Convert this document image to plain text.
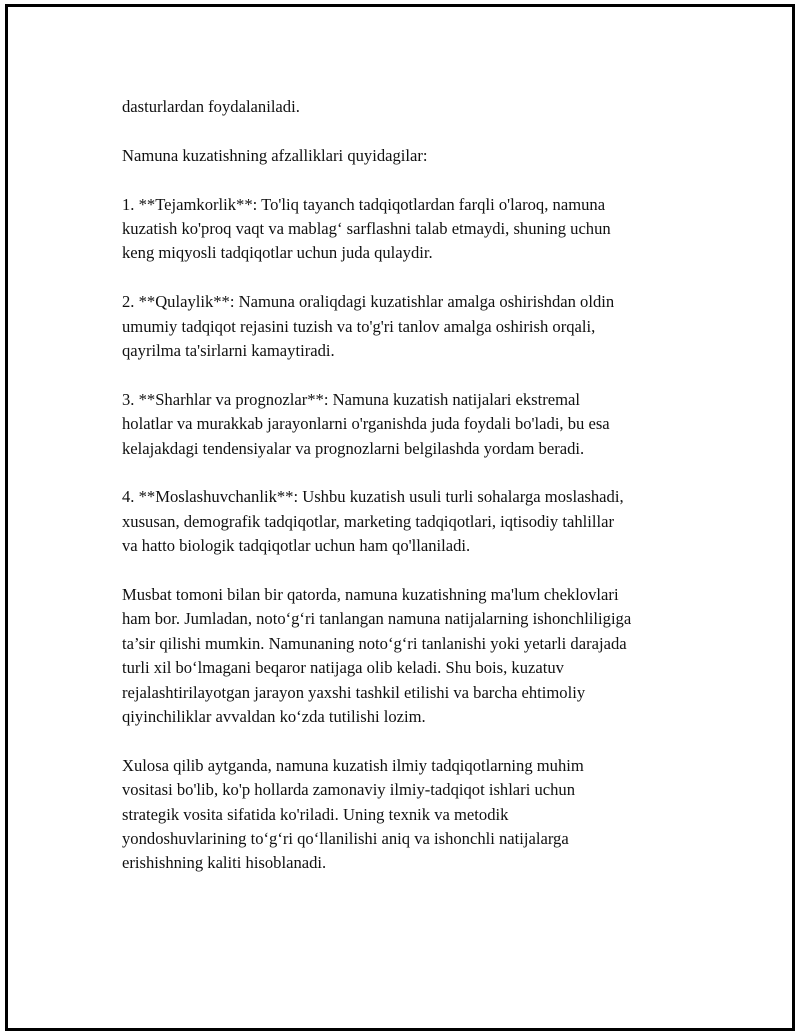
dasturlardan foydalaniladi.

Namuna kuzatishning afzalliklari quyidagilar:

1. **Tejamkorlik**: To'liq tayanch tadqiqotlardan farqli o'laroq, namuna
kuzatish ko'proq vaqt va mablag‘ sarflashni talab etmaydi, shuning uchun
keng miqyosli tadqiqotlar uchun juda qulaydir.

2. **Qulaylik**: Namuna oraliqdagi kuzatishlar amalga oshirishdan oldin
umumiy tadqiqot rejasini tuzish va to'g'ri tanlov amalga oshirish orqali,
qayrilma ta'sirlarni kamaytiradi.

3. **Sharhlar va prognozlar**: Namuna kuzatish natijalari ekstremal
holatlar va murakkab jarayonlarni o'rganishda juda foydali bo'ladi, bu esa
kelajakdagi tendensiyalar va prognozlarni belgilashda yordam beradi.

4. **Moslashuvchanlik**: Ushbu kuzatish usuli turli sohalarga moslashadi,
xususan, demografik tadqiqotlar, marketing tadqiqotlari, iqtisodiy tahlillar
va hatto biologik tadqiqotlar uchun ham qo'llaniladi.

Musbat tomoni bilan bir qatorda, namuna kuzatishning ma'lum cheklovlari
ham bor. Jumladan, noto‘g‘ri tanlangan namuna natijalarning ishonchliligiga
ta’sir qilishi mumkin. Namunaning noto‘g‘ri tanlanishi yoki yetarli darajada
turli xil bo‘lmagani beqaror natijaga olib keladi. Shu bois, kuzatuv
rejalashtirilayotgan jarayon yaxshi tashkil etilishi va barcha ehtimoliy
qiyinchiliklar avvaldan ko‘zda tutilishi lozim.

Xulosa qilib aytganda, namuna kuzatish ilmiy tadqiqotlarning muhim
vositasi bo'lib, ko'p hollarda zamonaviy ilmiy-tadqiqot ishlari uchun
strategik vosita sifatida ko'riladi. Uning texnik va metodik
yondoshuvlarining to‘g‘ri qo‘llanilishi aniq va ishonchli natijalarga
erishishning kaliti hisoblanadi.
